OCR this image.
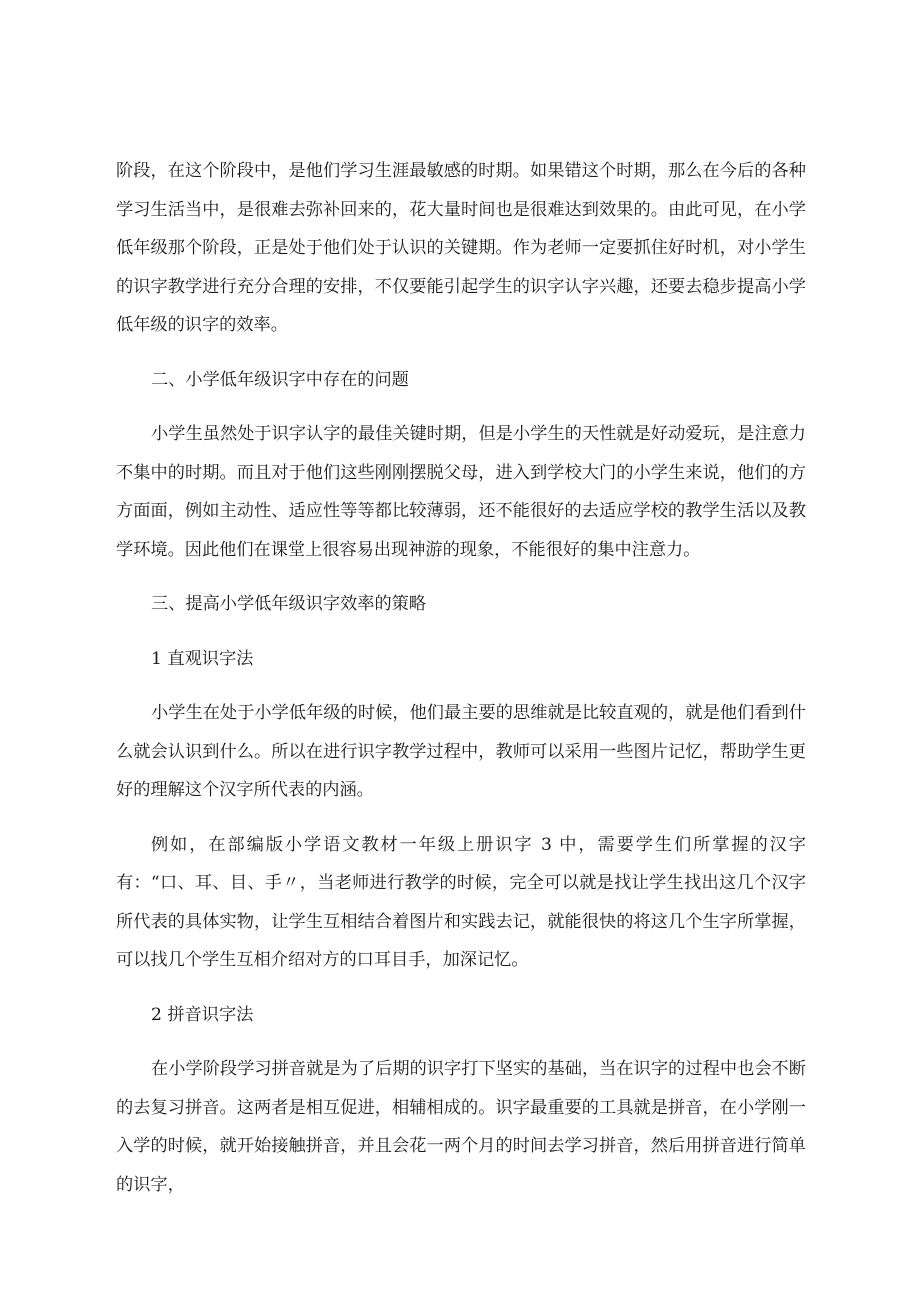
阶段，在这个阶段中，是他们学习生涯最敏感的时期。如果错这个时期，那么在今后的各种学习生活当中，是很难去弥补回来的，花大量时间也是很难达到效果的。由此可见，在小学低年级那个阶段，正是处于他们处于认识的关键期。作为老师一定要抓住好时机，对小学生的识字教学进行充分合理的安排，不仅要能引起学生的识字认字兴趣，还要去稳步提高小学低年级的识字的效率。

二、小学低年级识字中存在的问题

小学生虽然处于识字认字的最佳关键时期，但是小学生的天性就是好动爱玩，是注意力不集中的时期。而且对于他们这些刚刚摆脱父母，进入到学校大门的小学生来说，他们的方方面面，例如主动性、适应性等等都比较薄弱，还不能很好的去适应学校的教学生活以及教学环境。因此他们在课堂上很容易出现神游的现象，不能很好的集中注意力。

三、提高小学低年级识字效率的策略

1 直观识字法

小学生在处于小学低年级的时候，他们最主要的思维就是比较直观的，就是他们看到什么就会认识到什么。所以在进行识字教学过程中，教师可以采用一些图片记忆，帮助学生更好的理解这个汉字所代表的内涵。

例如，在部编版小学语文教材一年级上册识字 3 中，需要学生们所掌握的汉字有：“口、耳、目、手〃，当老师进行教学的时候，完全可以就是找让学生找出这几个汉字所代表的具体实物，让学生互相结合着图片和实践去记，就能很快的将这几个生字所掌握，可以找几个学生互相介绍对方的口耳目手，加深记忆。

2 拼音识字法

在小学阶段学习拼音就是为了后期的识字打下坚实的基础，当在识字的过程中也会不断的去复习拼音。这两者是相互促进，相辅相成的。识字最重要的工具就是拼音，在小学刚一入学的时候，就开始接触拼音，并且会花一两个月的时间去学习拼音，然后用拼音进行简单的识字，
